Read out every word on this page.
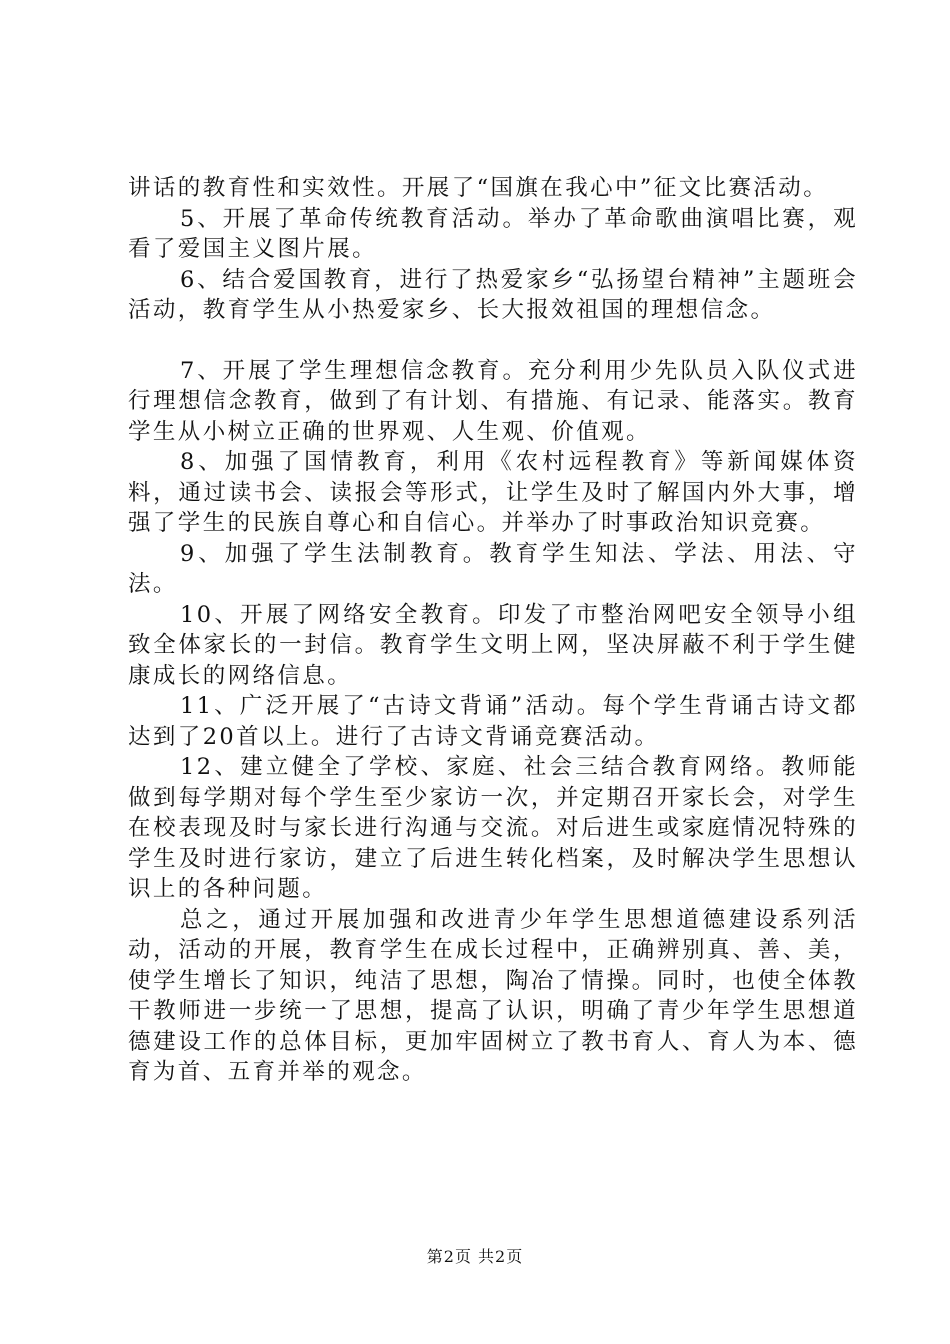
讲话的教育性和实效性。开展了“国旗在我心中”征文比赛活动。

5、开展了革命传统教育活动。举办了革命歌曲演唱比赛，观看了爱国主义图片展。

6、结合爱国教育，进行了热爱家乡“弘扬望台精神”主题班会活动，教育学生从小热爱家乡、长大报效祖国的理想信念。

7、开展了学生理想信念教育。充分利用少先队员入队仪式进行理想信念教育，做到了有计划、有措施、有记录、能落实。教育学生从小树立正确的世界观、人生观、价值观。

8、加强了国情教育，利用《农村远程教育》等新闻媒体资料，通过读书会、读报会等形式，让学生及时了解国内外大事，增强了学生的民族自尊心和自信心。并举办了时事政治知识竞赛。

9、加强了学生法制教育。教育学生知法、学法、用法、守法。

10、开展了网络安全教育。印发了市整治网吧安全领导小组致全体家长的一封信。教育学生文明上网，坚决屏蔽不利于学生健康成长的网络信息。

11、广泛开展了“古诗文背诵”活动。每个学生背诵古诗文都达到了20首以上。进行了古诗文背诵竞赛活动。

12、建立健全了学校、家庭、社会三结合教育网络。教师能做到每学期对每个学生至少家访一次，并定期召开家长会，对学生在校表现及时与家长进行沟通与交流。对后进生或家庭情况特殊的学生及时进行家访，建立了后进生转化档案，及时解决学生思想认识上的各种问题。

总之，通过开展加强和改进青少年学生思想道德建设系列活动，活动的开展，教育学生在成长过程中，正确辨别真、善、美，使学生增长了知识，纯洁了思想，陶冶了情操。同时，也使全体教干教师进一步统一了思想，提高了认识，明确了青少年学生思想道德建设工作的总体目标，更加牢固树立了教书育人、育人为本、德育为首、五育并举的观念。

第2页 共2页
